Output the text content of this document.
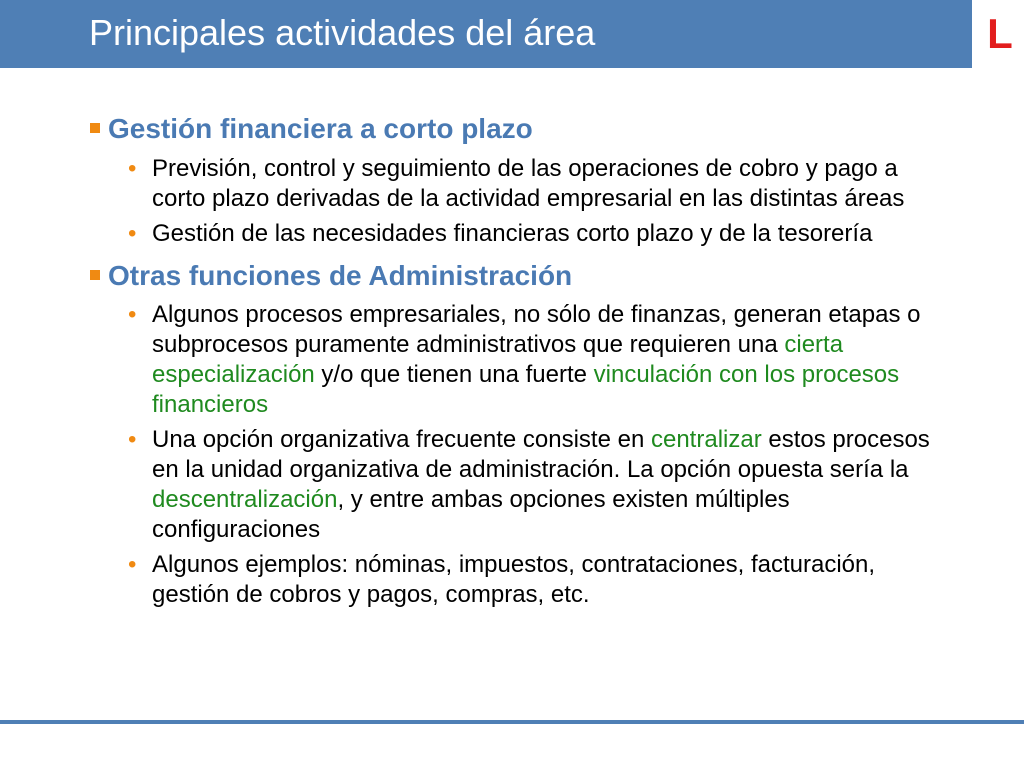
Principales actividades del área	L
Gestión financiera a corto plazo
• Previsión, control y seguimiento de las operaciones de cobro y pago a corto plazo derivadas de la actividad empresarial en las distintas áreas
• Gestión de las necesidades financieras corto plazo y de la tesorería
Otras funciones de Administración
• Algunos procesos empresariales, no sólo de finanzas, generan etapas o subprocesos puramente administrativos que requieren una cierta especialización y/o que tienen una fuerte vinculación con los procesos financieros
• Una opción organizativa frecuente consiste en centralizar estos procesos en la unidad organizativa de administración. La opción opuesta sería la descentralización, y entre ambas opciones existen múltiples configuraciones
• Algunos ejemplos: nóminas, impuestos, contrataciones, facturación, gestión de cobros y pagos, compras, etc.
